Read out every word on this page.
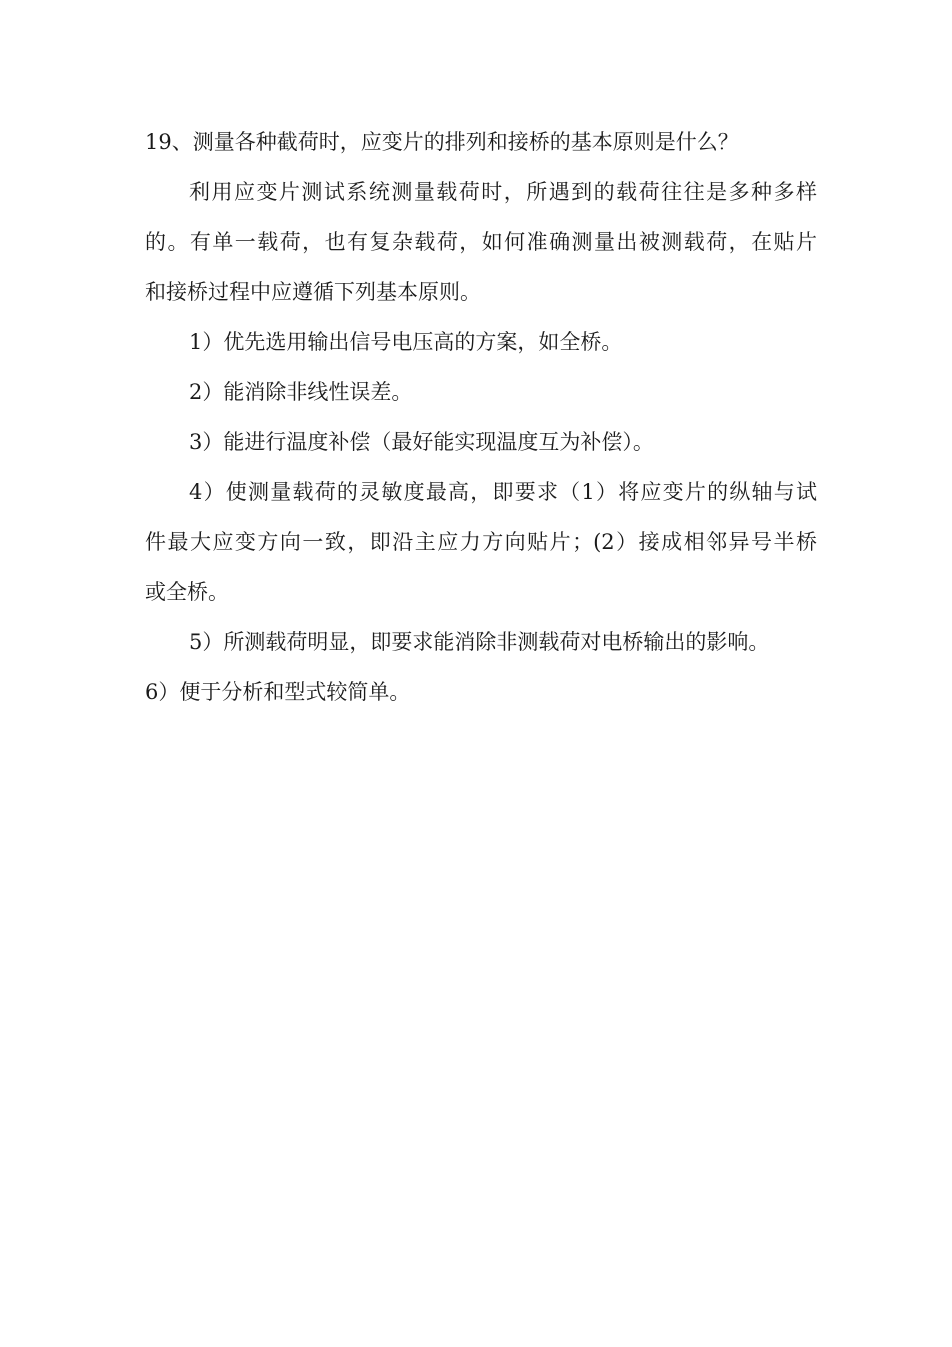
19、测量各种截荷时，应变片的排列和接桥的基本原则是什么？
利用应变片测试系统测量载荷时，所遇到的载荷往往是多种多样
的。有单一载荷，也有复杂载荷，如何准确测量出被测载荷，在贴片
和接桥过程中应遵循下列基本原则。
1）优先选用输出信号电压高的方案，如全桥。
2）能消除非线性误差。
3）能进行温度补偿（最好能实现温度互为补偿）。
4）使测量载荷的灵敏度最高，即要求（1）将应变片的纵轴与试
件最大应变方向一致，即沿主应力方向贴片；(2）接成相邻异号半桥
或全桥。
5）所测载荷明显，即要求能消除非测载荷对电桥输出的影响。
6）便于分析和型式较简单。
